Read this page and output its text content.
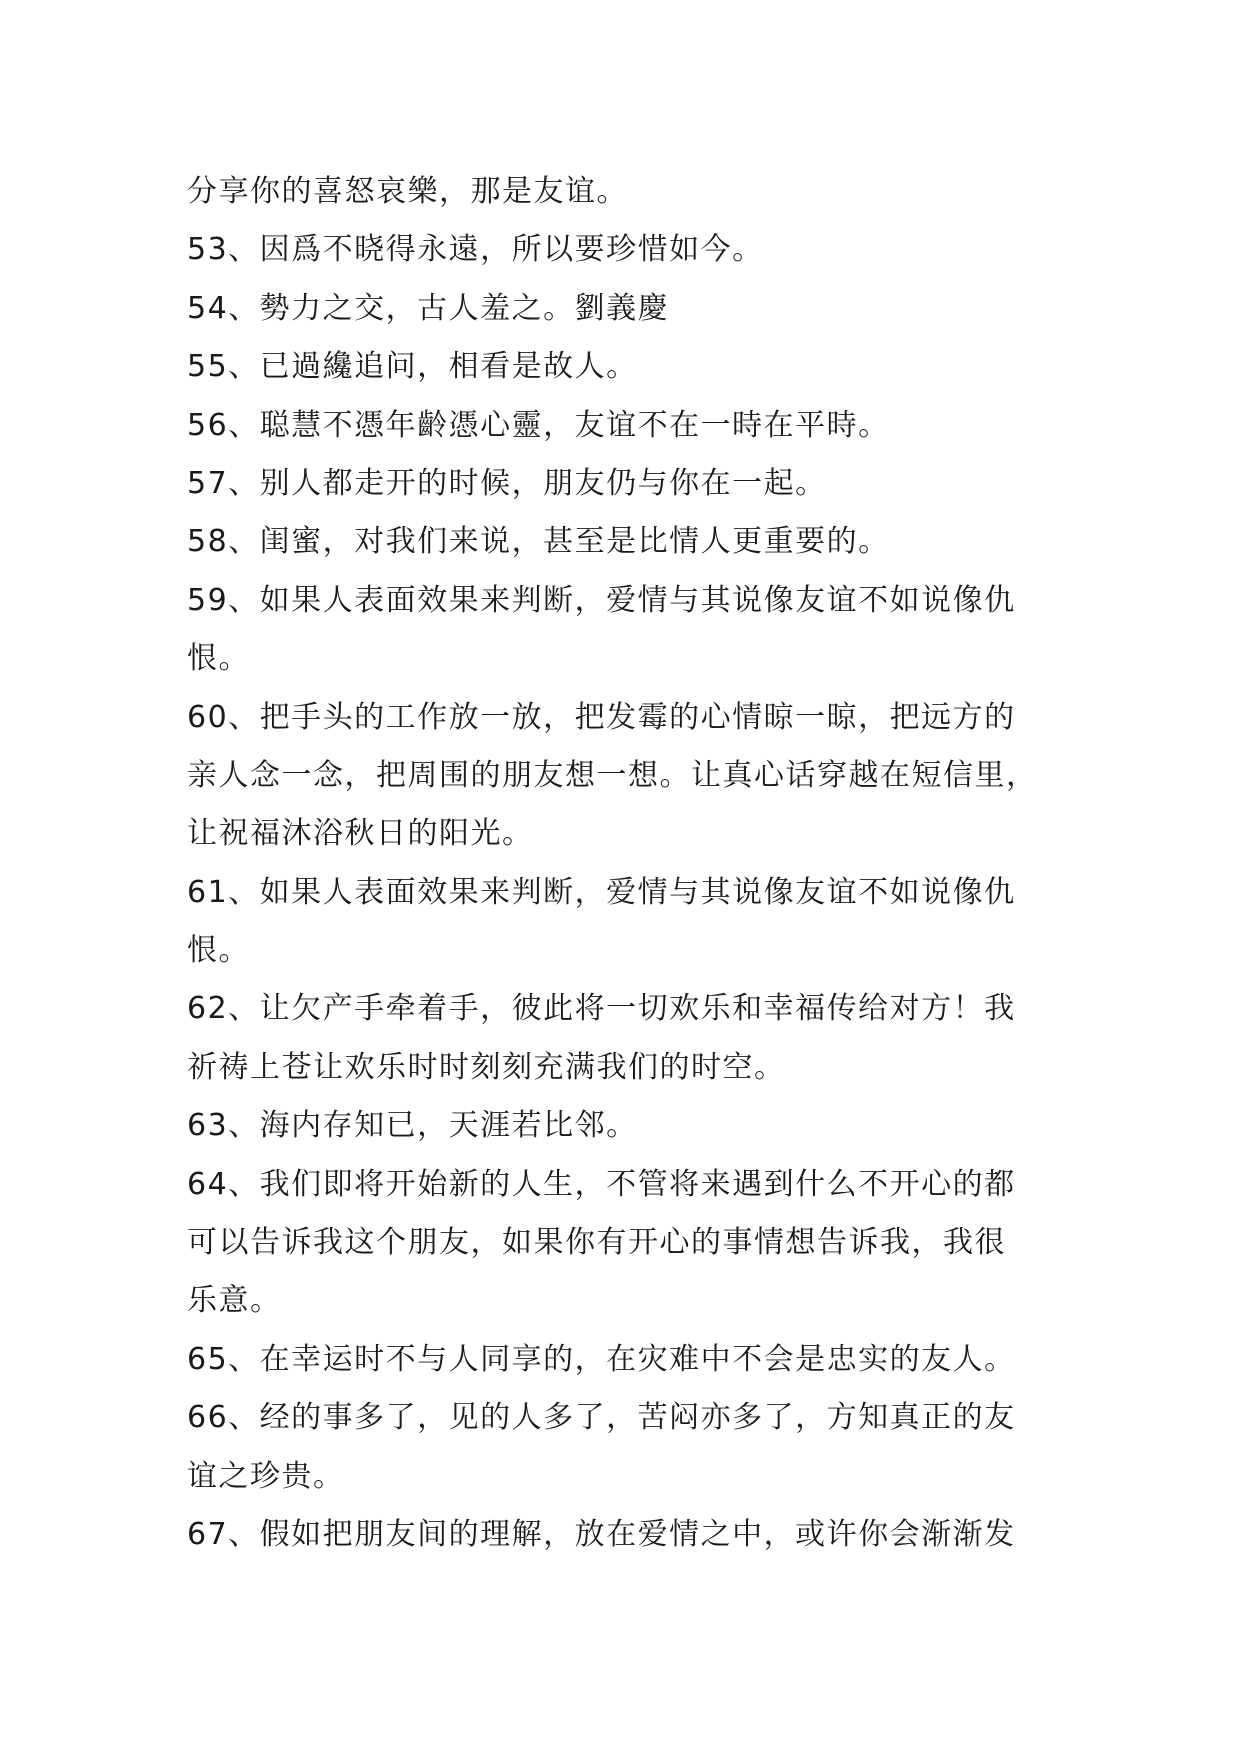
分享你的喜怒哀樂，那是友谊。
53、因爲不晓得永遠，所以要珍惜如今。
54、勢力之交，古人羞之。劉義慶
55、已過纔追问，相看是故人。
56、聪慧不憑年齡憑心靈，友谊不在一時在平時。
57、别人都走开的时候，朋友仍与你在一起。
58、闺蜜，对我们来说，甚至是比情人更重要的。
59、如果人表面效果来判断，爱情与其说像友谊不如说像仇
恨。
60、把手头的工作放一放，把发霉的心情晾一晾，把远方的
亲人念一念，把周围的朋友想一想。让真心话穿越在短信里，
让祝福沐浴秋日的阳光。
61、如果人表面效果来判断，爱情与其说像友谊不如说像仇
恨。
62、让欠产手牵着手，彼此将一切欢乐和幸福传给对方！我
祈祷上苍让欢乐时时刻刻充满我们的时空。
63、海内存知已，天涯若比邻。
64、我们即将开始新的人生，不管将来遇到什么不开心的都
可以告诉我这个朋友，如果你有开心的事情想告诉我，我很
乐意。
65、在幸运时不与人同享的，在灾难中不会是忠实的友人。
66、经的事多了，见的人多了，苦闷亦多了，方知真正的友
谊之珍贵。
67、假如把朋友间的理解，放在爱情之中，或许你会渐渐发
